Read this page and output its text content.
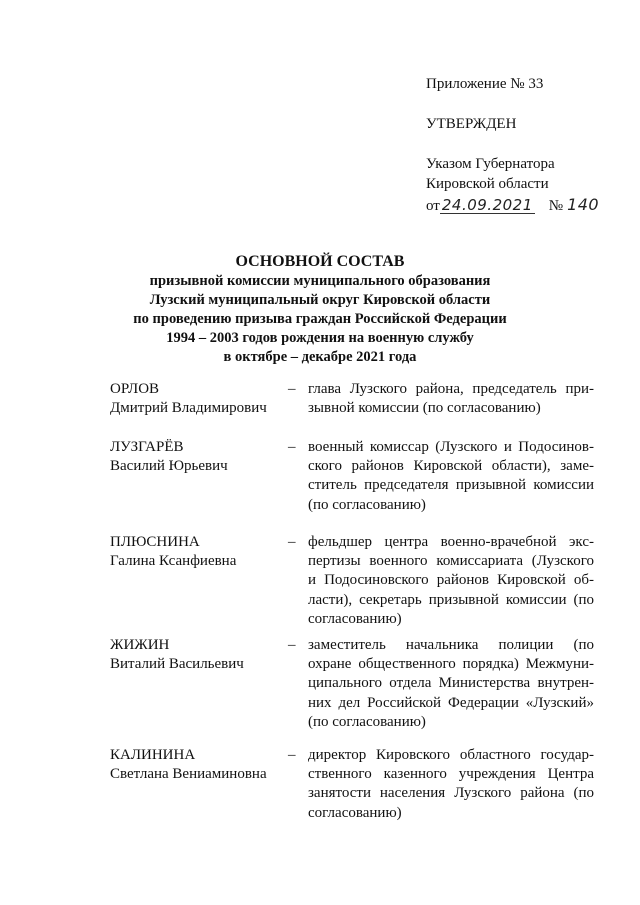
Приложение № 33
УТВЕРЖДЕН
Указом Губернатора
Кировской области
от 24.09.2021 № 140
ОСНОВНОЙ СОСТАВ
призывной комиссии муниципального образования
Лузский муниципальный округ Кировской области
по проведению призыва граждан Российской Федерации
1994 – 2003 годов рождения на военную службу
в октябре – декабре 2021 года
ОРЛОВ
Дмитрий Владимирович
– глава Лузского района, председатель при-
зывной комиссии (по согласованию)
ЛУЗГАРЁВ
Василий Юрьевич
– военный комиссар (Лузского и Подосинов-
ского районов Кировской области), заме-
ститель председателя призывной комиссии
(по согласованию)
ПЛЮСНИНА
Галина Ксанфиевна
– фельдшер центра военно-врачебной экс-
пертизы военного комиссариата (Лузского
и Подосиновского районов Кировской об-
ласти), секретарь призывной комиссии (по
согласованию)
ЖИЖИН
Виталий Васильевич
– заместитель начальника полиции (по
охране общественного порядка) Межмуни-
ципального отдела Министерства внутрен-
них дел Российской Федерации «Лузский»
(по согласованию)
КАЛИНИНА
Светлана Вениаминовна
– директор Кировского областного государ-
ственного казенного учреждения Центра
занятости населения Лузского района (по
согласованию)
